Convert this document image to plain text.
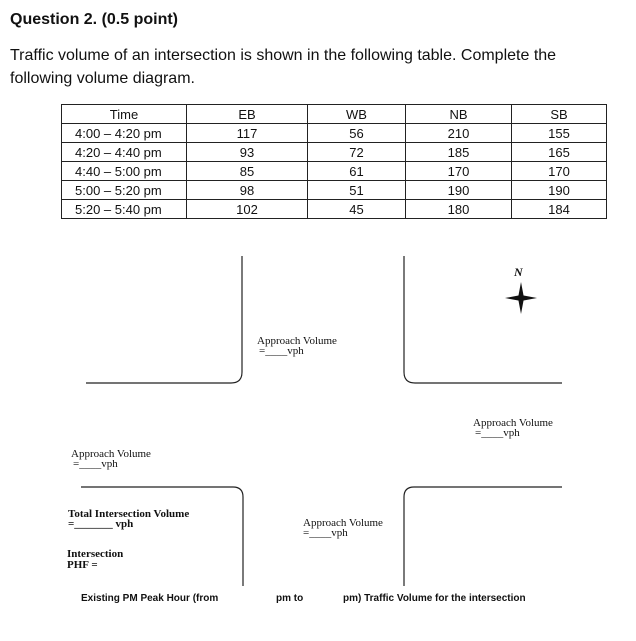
Question 2. (0.5 point)
Traffic volume of an intersection is shown in the following table. Complete the following volume diagram.
Time	EB	WB	NB	SB
4:00 – 4:20 pm	117	56	210	155
4:20 – 4:40 pm	93	72	185	165
4:40 – 5:00 pm	85	61	170	170
5:00 – 5:20 pm	98	51	190	190
5:20 – 5:40 pm	102	45	180	184
N
Approach Volume
=____vph
Approach Volume
=____vph
Approach Volume
=____vph
Approach Volume
=____vph
Total Intersection Volume
=_______ vph
Intersection
PHF =
Existing PM Peak Hour (from	pm to	pm) Traffic Volume for the intersection
